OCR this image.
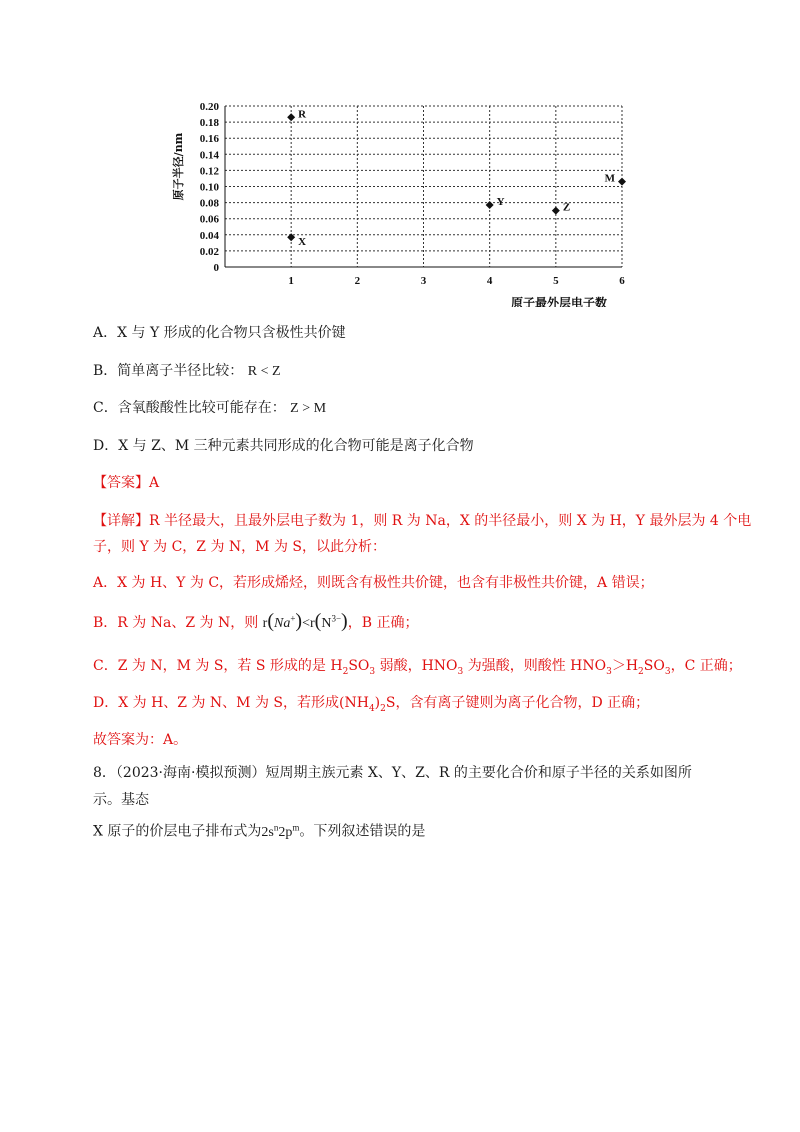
0
0.02
0.04
0.06
0.08
0.10
0.12
0.14
0.16
0.18
0.20
1	2	3	4	5	6
原子半径/nm
原子最外层电子数
R
X
Y	Z
M
A．X 与 Y 形成的化合物只含极性共价键
B．简单离子半径比较： R < Z
C．含氧酸酸性比较可能存在： Z > M
D．X 与 Z、M 三种元素共同形成的化合物可能是离子化合物
【答案】A
【详解】R 半径最大，且最外层电子数为 1，则 R 为 Na，X 的半径最小，则 X 为 H，Y 最外层为 4 个电
子，则 Y 为 C，Z 为 N，M 为 S，以此分析：
A．X 为 H、Y 为 C，若形成烯烃，则既含有极性共价键，也含有非极性共价键，A 错误；
B．R 为 Na、Z 为 N，则 $r(Na^+)<r(N^{3-})$，B 正确；
C．Z 为 N，M 为 S，若 S 形成的是 $H_2SO_3$ 弱酸，$HNO_3$ 为强酸，则酸性 $HNO_3>H_2SO_3$，C 正确；
D．X 为 H、Z 为 N、M 为 S，若形成$(NH_4)_2S$，含有离子键则为离子化合物，D 正确；
故答案为：A。
8．（2023·海南·模拟预测）短周期主族元素 X、Y、Z、R 的主要化合价和原子半径的关系如图所示。基态
X 原子的价层电子排布式为$2s^n2p^m$。下列叙述错误的是
